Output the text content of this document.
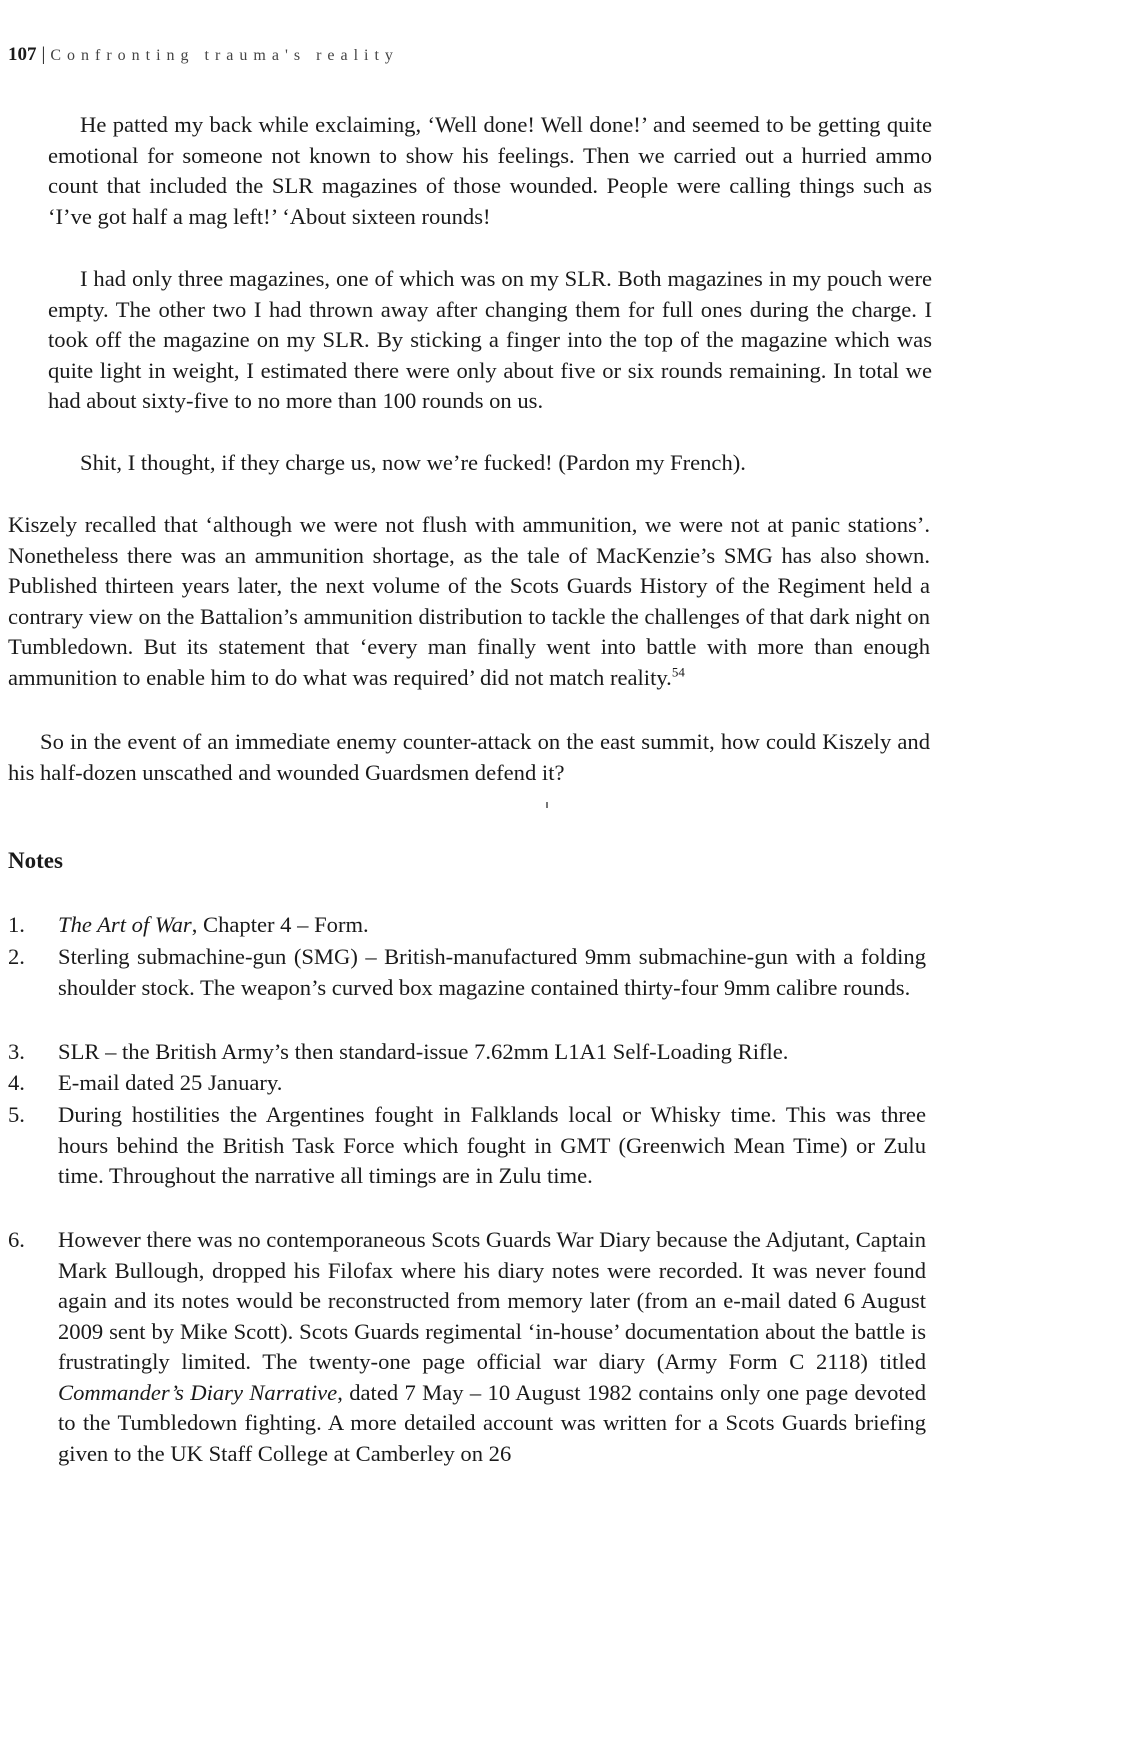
107 | Confronting trauma's reality

He patted my back while exclaiming, ‘Well done! Well done!’ and seemed to be getting quite emotional for someone not known to show his feelings. Then we carried out a hurried ammo count that included the SLR magazines of those wounded. People were calling things such as ‘I’ve got half a mag left!’ ‘About sixteen rounds!

I had only three magazines, one of which was on my SLR. Both magazines in my pouch were empty. The other two I had thrown away after changing them for full ones during the charge. I took off the magazine on my SLR. By sticking a finger into the top of the magazine which was quite light in weight, I estimated there were only about five or six rounds remaining. In total we had about sixty-five to no more than 100 rounds on us.

Shit, I thought, if they charge us, now we’re fucked! (Pardon my French).

Kiszely recalled that ‘although we were not flush with ammunition, we were not at panic stations’. Nonetheless there was an ammunition shortage, as the tale of MacKenzie’s SMG has also shown. Published thirteen years later, the next volume of the Scots Guards History of the Regiment held a contrary view on the Battalion’s ammunition distribution to tackle the challenges of that dark night on Tumbledown. But its statement that ‘every man finally went into battle with more than enough ammunition to enable him to do what was required’ did not match reality.$^{54}$

So in the event of an immediate enemy counter-attack on the east summit, how could Kiszely and his half-dozen unscathed and wounded Guardsmen defend it?

Notes
1. The Art of War, Chapter 4 – Form.
2. Sterling submachine-gun (SMG) – British-manufactured 9mm submachine-gun with a folding shoulder stock. The weapon’s curved box magazine contained thirty-four 9mm calibre rounds.
3. SLR – the British Army’s then standard-issue 7.62mm L1A1 Self-Loading Rifle.
4. E-mail dated 25 January.
5. During hostilities the Argentines fought in Falklands local or Whisky time. This was three hours behind the British Task Force which fought in GMT (Greenwich Mean Time) or Zulu time. Throughout the narrative all timings are in Zulu time.
6. However there was no contemporaneous Scots Guards War Diary because the Adjutant, Captain Mark Bullough, dropped his Filofax where his diary notes were recorded. It was never found again and its notes would be reconstructed from memory later (from an e-mail dated 6 August 2009 sent by Mike Scott). Scots Guards regimental ‘in-house’ documentation about the battle is frustratingly limited. The twenty-one page official war diary (Army Form C 2118) titled Commander’s Diary Narrative, dated 7 May – 10 August 1982 contains only one page devoted to the Tumbledown fighting. A more detailed account was written for a Scots Guards briefing given to the UK Staff College at Camberley on 26
